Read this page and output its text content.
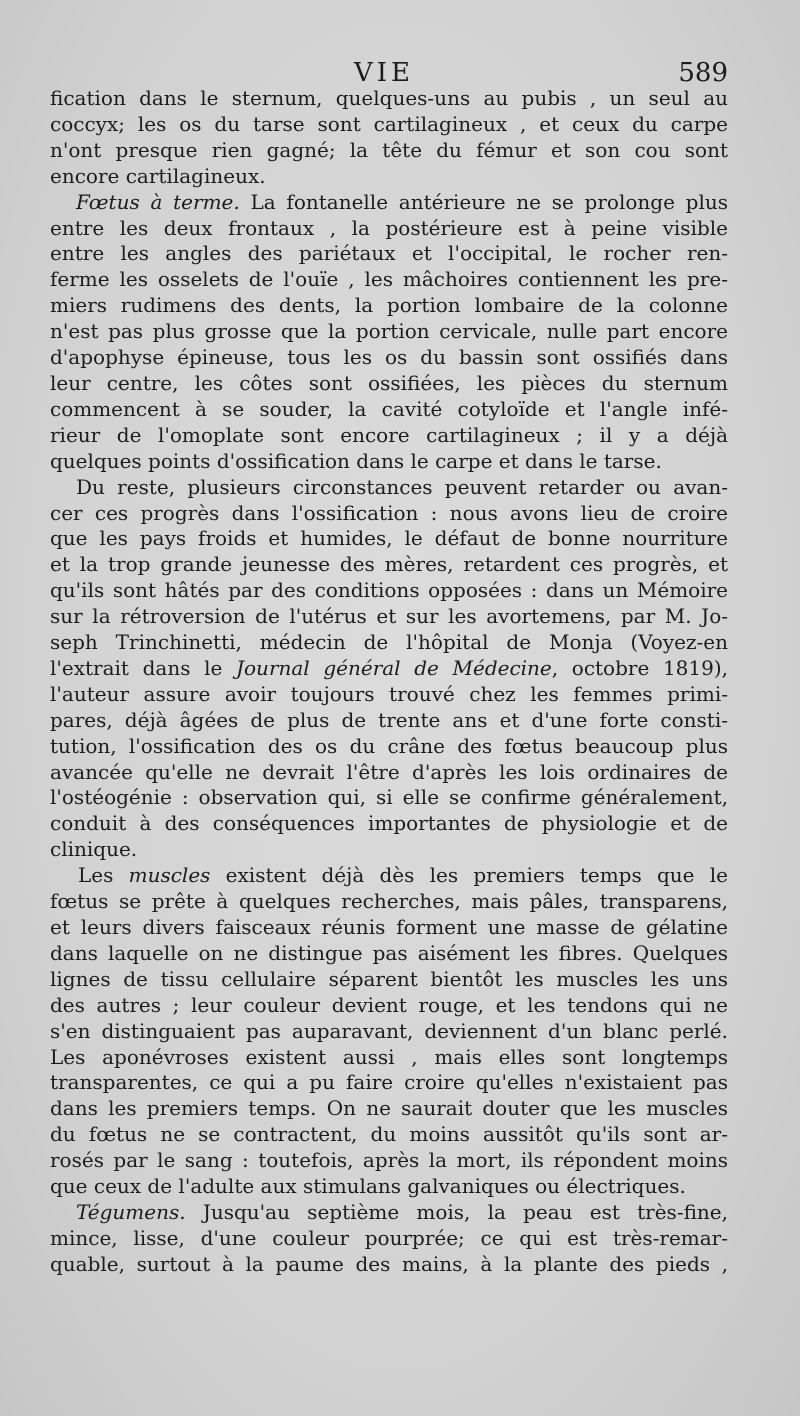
VIE	589
fication dans le sternum, quelques-uns au pubis , un seul au
coccyx; les os du tarse sont cartilagineux , et ceux du carpe
n'ont presque rien gagné; la tête du fémur et son cou sont
encore cartilagineux.
Fœtus à terme. La fontanelle antérieure ne se prolonge plus
entre les deux frontaux , la postérieure est à peine visible
entre les angles des pariétaux et l'occipital, le rocher ren-
ferme les osselets de l'ouïe , les mâchoires contiennent les pre-
miers rudimens des dents, la portion lombaire de la colonne
n'est pas plus grosse que la portion cervicale, nulle part encore
d'apophyse épineuse, tous les os du bassin sont ossifiés dans
leur centre, les côtes sont ossifiées, les pièces du sternum
commencent à se souder, la cavité cotyloïde et l'angle infé-
rieur de l'omoplate sont encore cartilagineux ; il y a déjà
quelques points d'ossification dans le carpe et dans le tarse.
Du reste, plusieurs circonstances peuvent retarder ou avan-
cer ces progrès dans l'ossification : nous avons lieu de croire
que les pays froids et humides, le défaut de bonne nourriture
et la trop grande jeunesse des mères, retardent ces progrès, et
qu'ils sont hâtés par des conditions opposées : dans un Mémoire
sur la rétroversion de l'utérus et sur les avortemens, par M. Jo-
seph Trinchinetti, médecin de l'hôpital de Monja (Voyez-en
l'extrait dans le Journal général de Médecine, octobre 1819),
l'auteur assure avoir toujours trouvé chez les femmes primi-
pares, déjà âgées de plus de trente ans et d'une forte consti-
tution, l'ossification des os du crâne des fœtus beaucoup plus
avancée qu'elle ne devrait l'être d'après les lois ordinaires de
l'ostéogénie : observation qui, si elle se confirme généralement,
conduit à des conséquences importantes de physiologie et de
clinique.
Les muscles existent déjà dès les premiers temps que le
fœtus se prête à quelques recherches, mais pâles, transparens,
et leurs divers faisceaux réunis forment une masse de gélatine
dans laquelle on ne distingue pas aisément les fibres. Quelques
lignes de tissu cellulaire séparent bientôt les muscles les uns
des autres ; leur couleur devient rouge, et les tendons qui ne
s'en distinguaient pas auparavant, deviennent d'un blanc perlé.
Les aponévroses existent aussi , mais elles sont longtemps
transparentes, ce qui a pu faire croire qu'elles n'existaient pas
dans les premiers temps. On ne saurait douter que les muscles
du fœtus ne se contractent, du moins aussitôt qu'ils sont ar-
rosés par le sang : toutefois, après la mort, ils répondent moins
que ceux de l'adulte aux stimulans galvaniques ou électriques.
Tégumens. Jusqu'au septième mois, la peau est très-fine,
mince, lisse, d'une couleur pourprée; ce qui est très-remar-
quable, surtout à la paume des mains, à la plante des pieds ,
